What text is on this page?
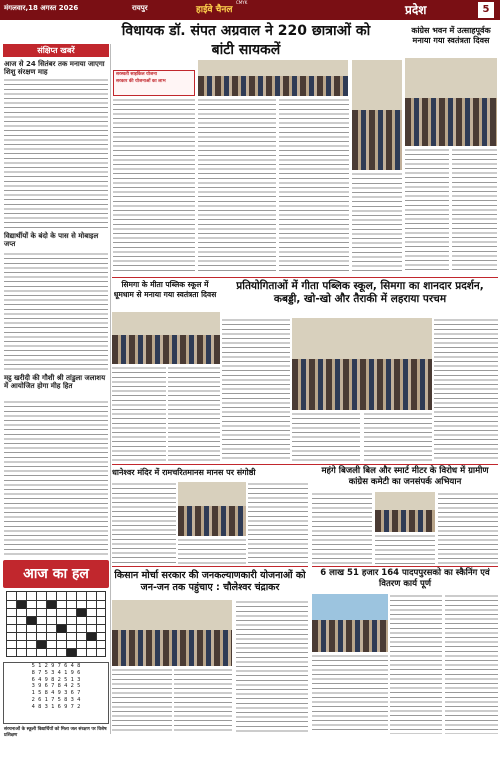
मंगलवार,18 अगस्त 2026	रायपुर	हाईवे चैनल	प्रदेश	5
CMYK
संक्षिप्त खबरें
आज से 24 सितंबर तक मनाया जाएगा शिशु संरक्षण माह
विद्यार्थीयों के बंदो के पास से मोबाइल जप्त
मट्ठ खरीदी की गौशी श्री तांडुला जलाशय में आयोजित होगा मीह हित
आज का हल
5 1 2 9 7 6 4 8
8 7 5 3 4 1 9 6
6 4 9 8 2 5 1 3
3 9 6 7 8 4 2 5
1 5 8 4 9 3 6 7
2 6 1 7 5 8 3 4
4 8 3 1 6 9 7 2
विधायक डॉ. संपत अग्रवाल ने 220 छात्राओं को बांटी सायकलें
सरस्वती साइकिल योजना
सरकार की योजनाओं का लाभ
कांग्रेस भवन में उत्साहपूर्वक मनाया गया स्वतंत्रता दिवस
सिमगा के मीता पब्लिक स्कूल में धूमधाम से मनाया गया स्वतंत्रता दिवस
प्रतियोगिताओं में गीता पब्लिक स्कूल, सिमगा का शानदार प्रदर्शन, कबड्डी, खो-खो और तैराकी में लहराया परचम
धानेश्वर मंदिर में रामचरितमानस मानस पर संगोष्ठी	महंगे बिजली बिल और स्मार्ट मीटर के विरोध में ग्रामीण कांग्रेस कमेटी का जनसंपर्क अभियान
6 लाख 51 हजार 164 पादपपुरसको का स्कैनिंग एवं वितरण कार्य पूर्ण
किसान मोर्चा सरकार की जनकल्याणकारी योजनाओं को जन-जन तक पहुंचाए : चौलेश्वर चंद्राकर
संरचनाओं के स्कूली विद्यार्थियों को मिला जल संरक्षण पर विशेष प्रशिक्षण
